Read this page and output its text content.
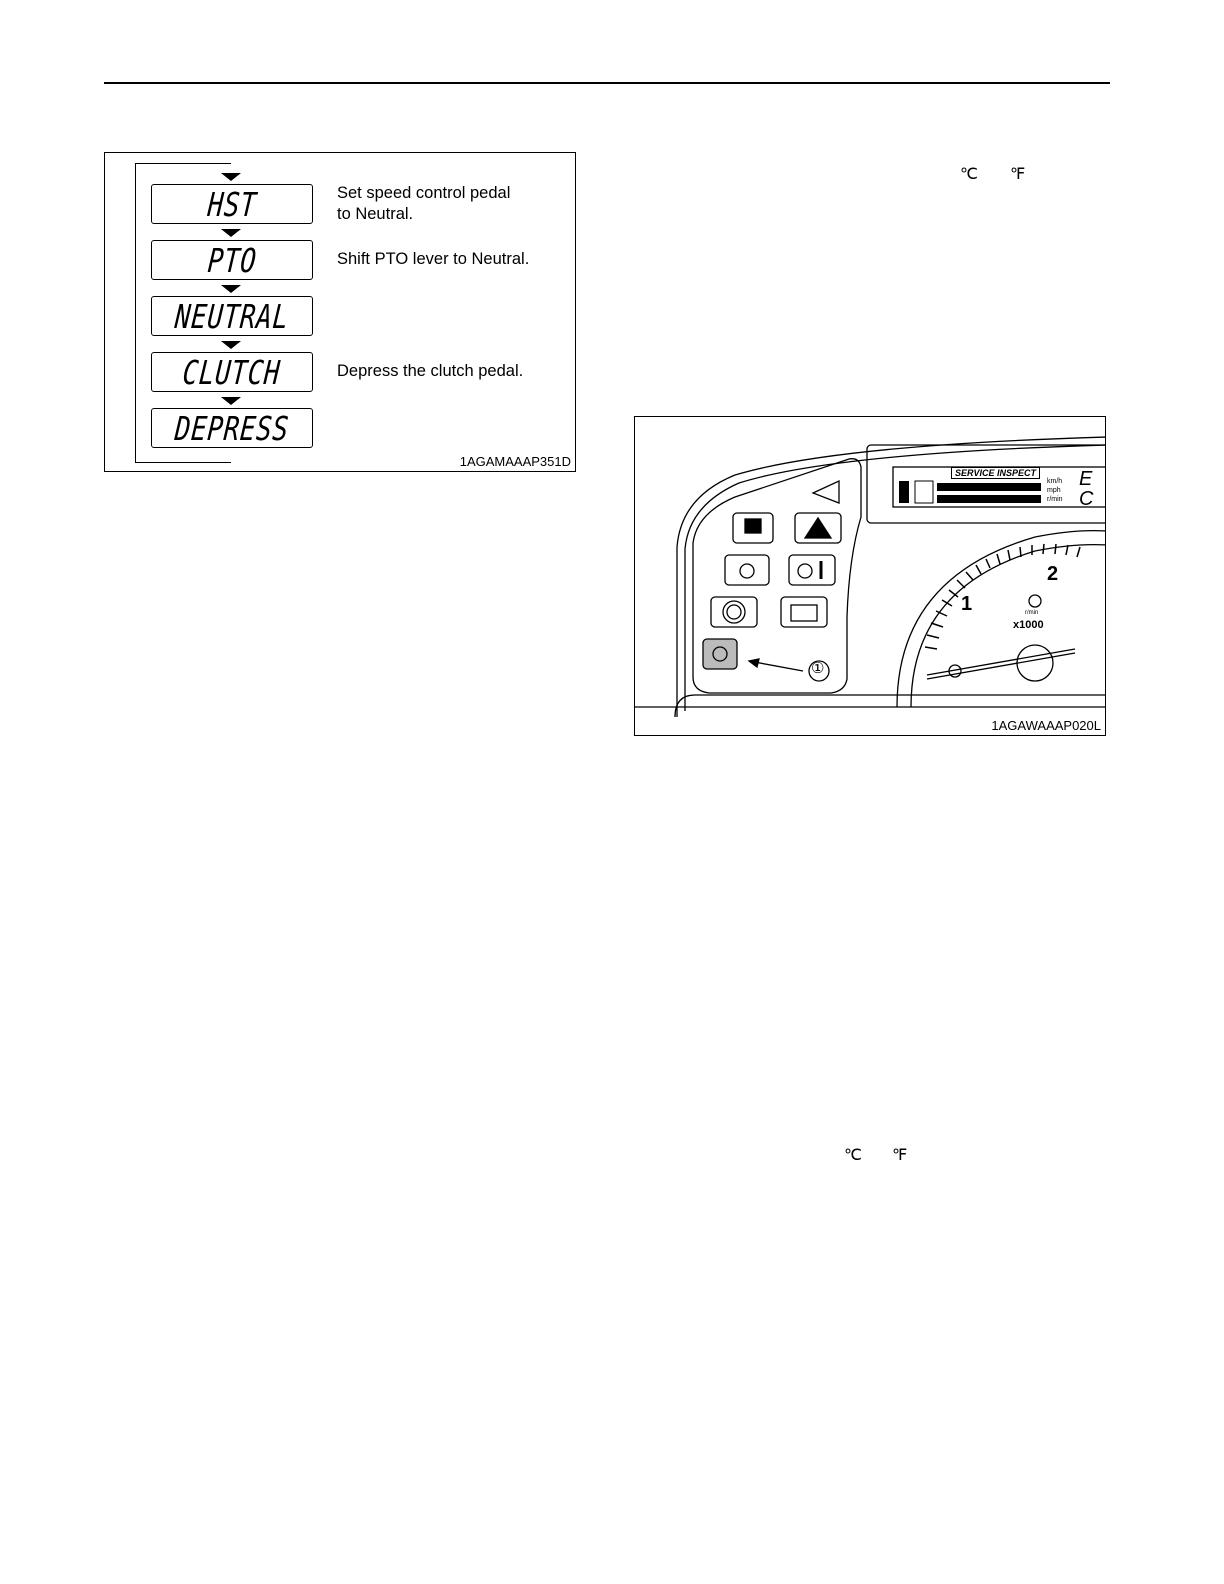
HST	Set speed control pedal
to Neutral.
PTO	Shift PTO lever to Neutral.
NEUTRAL
CLUTCH	Depress the clutch pedal.
DEPRESS
1AGAMAAAP351D
SERVICE INSPECT
km/h
mph
r/min
E
C
1
2
r/min
x1000
①
1AGAWAAAP020L
℃ ℉
℃ ℉
